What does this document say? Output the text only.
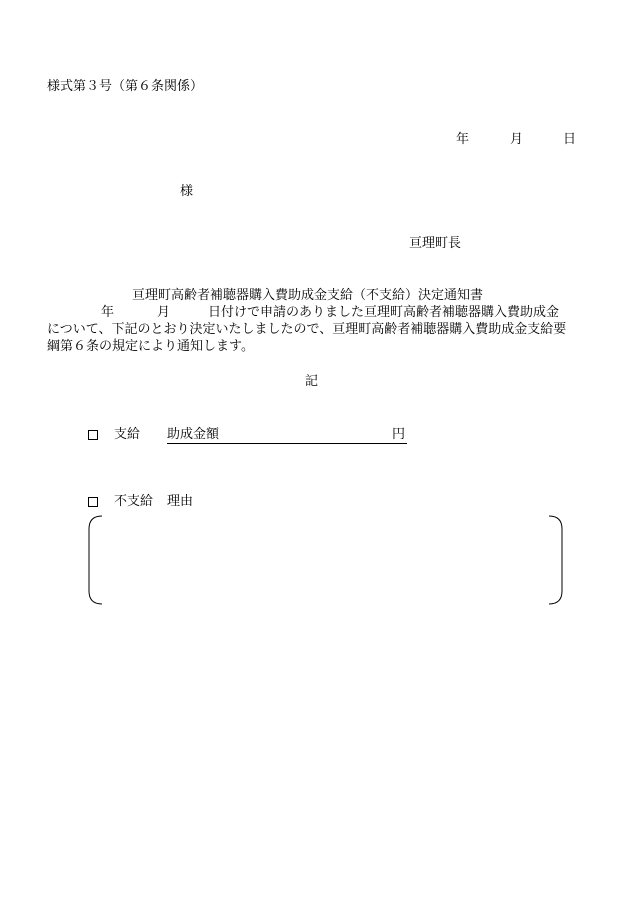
様式第３号（第６条関係）
年	月	日
様
亘理町長
亘理町高齢者補聴器購入費助成金支給（不支給）決定通知書
年	月	日付けで申請のありました亘理町高齢者補聴器購入費助成金
について、下記のとおり決定いたしましたので、亘理町高齢者補聴器購入費助成金支給要
綱第６条の規定により通知します。
記
支給 助成金額	円
不支給 理由
